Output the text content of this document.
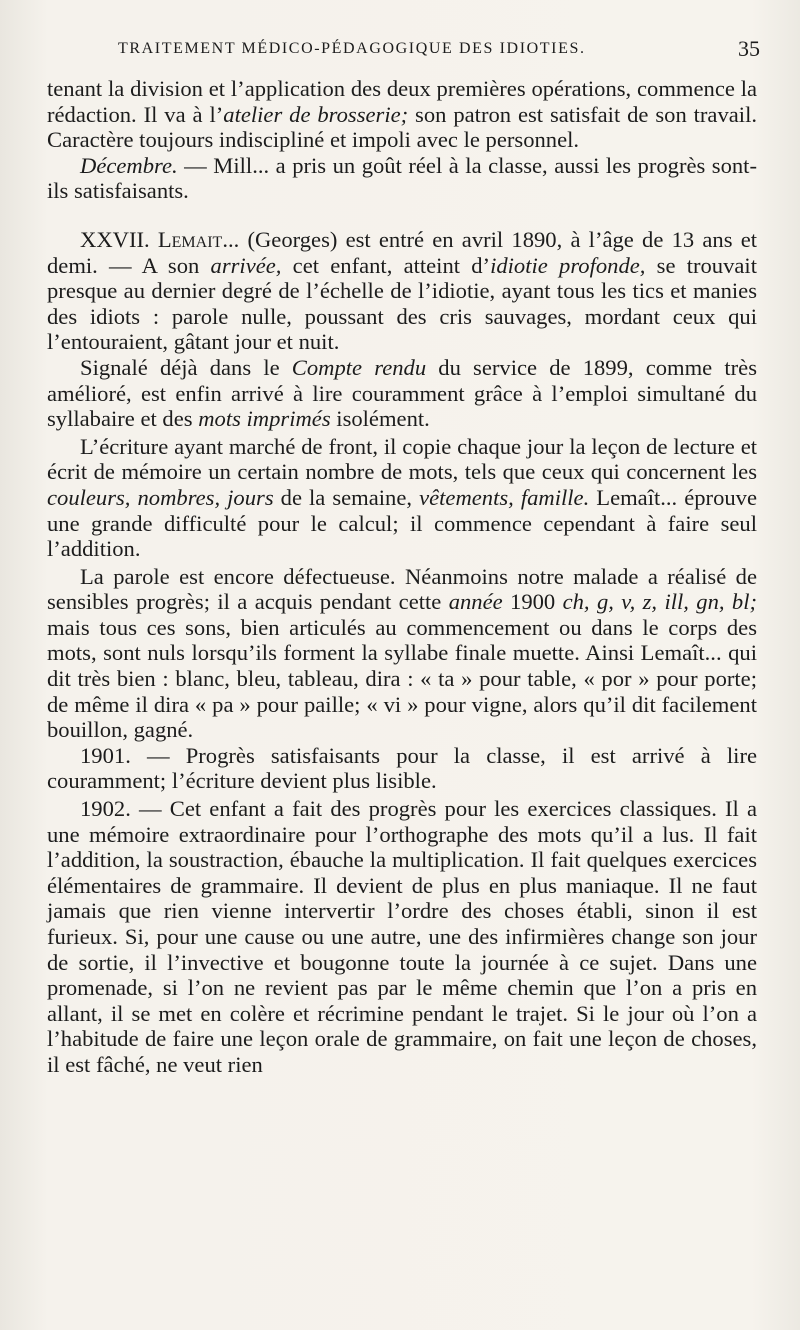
TRAITEMENT MÉDICO-PÉDAGOGIQUE DES IDIOTIES.	35

tenant la division et l’application des deux premières opérations, commence la rédaction. Il va à l’atelier de brosserie; son patron est satisfait de son travail. Caractère toujours indiscipliné et impoli avec le personnel.

Décembre. — Mill... a pris un goût réel à la classe, aussi les progrès sont-ils satisfaisants.

XXVII. Lemait... (Georges) est entré en avril 1890, à l’âge de 13 ans et demi. — A son arrivée, cet enfant, atteint d’idiotie profonde, se trouvait presque au dernier degré de l’échelle de l’idiotie, ayant tous les tics et manies des idiots : parole nulle, poussant des cris sauvages, mordant ceux qui l’entouraient, gâtant jour et nuit.

Signalé déjà dans le Compte rendu du service de 1899, comme très amélioré, est enfin arrivé à lire couramment grâce à l’emploi simultané du syllabaire et des mots imprimés isolément.

L’écriture ayant marché de front, il copie chaque jour la leçon de lecture et écrit de mémoire un certain nombre de mots, tels que ceux qui concernent les couleurs, nombres, jours de la semaine, vêtements, famille. Lemaît... éprouve une grande difficulté pour le calcul; il commence cependant à faire seul l’addition.

La parole est encore défectueuse. Néanmoins notre malade a réalisé de sensibles progrès; il a acquis pendant cette année 1900 ch, g, v, z, ill, gn, bl; mais tous ces sons, bien articulés au commencement ou dans le corps des mots, sont nuls lorsqu’ils forment la syllabe finale muette. Ainsi Lemaît... qui dit très bien : blanc, bleu, tableau, dira : « ta » pour table, « por » pour porte; de même il dira « pa » pour paille; « vi » pour vigne, alors qu’il dit facilement bouillon, gagné.

1901. — Progrès satisfaisants pour la classe, il est arrivé à lire couramment; l’écriture devient plus lisible.

1902. — Cet enfant a fait des progrès pour les exercices classiques. Il a une mémoire extraordinaire pour l’orthographe des mots qu’il a lus. Il fait l’addition, la soustraction, ébauche la multiplication. Il fait quelques exercices élémentaires de grammaire. Il devient de plus en plus maniaque. Il ne faut jamais que rien vienne intervertir l’ordre des choses établi, sinon il est furieux. Si, pour une cause ou une autre, une des infirmières change son jour de sortie, il l’invective et bougonne toute la journée à ce sujet. Dans une promenade, si l’on ne revient pas par le même chemin que l’on a pris en allant, il se met en colère et récrimine pendant le trajet. Si le jour où l’on a l’habitude de faire une leçon orale de grammaire, on fait une leçon de choses, il est fâché, ne veut rien
